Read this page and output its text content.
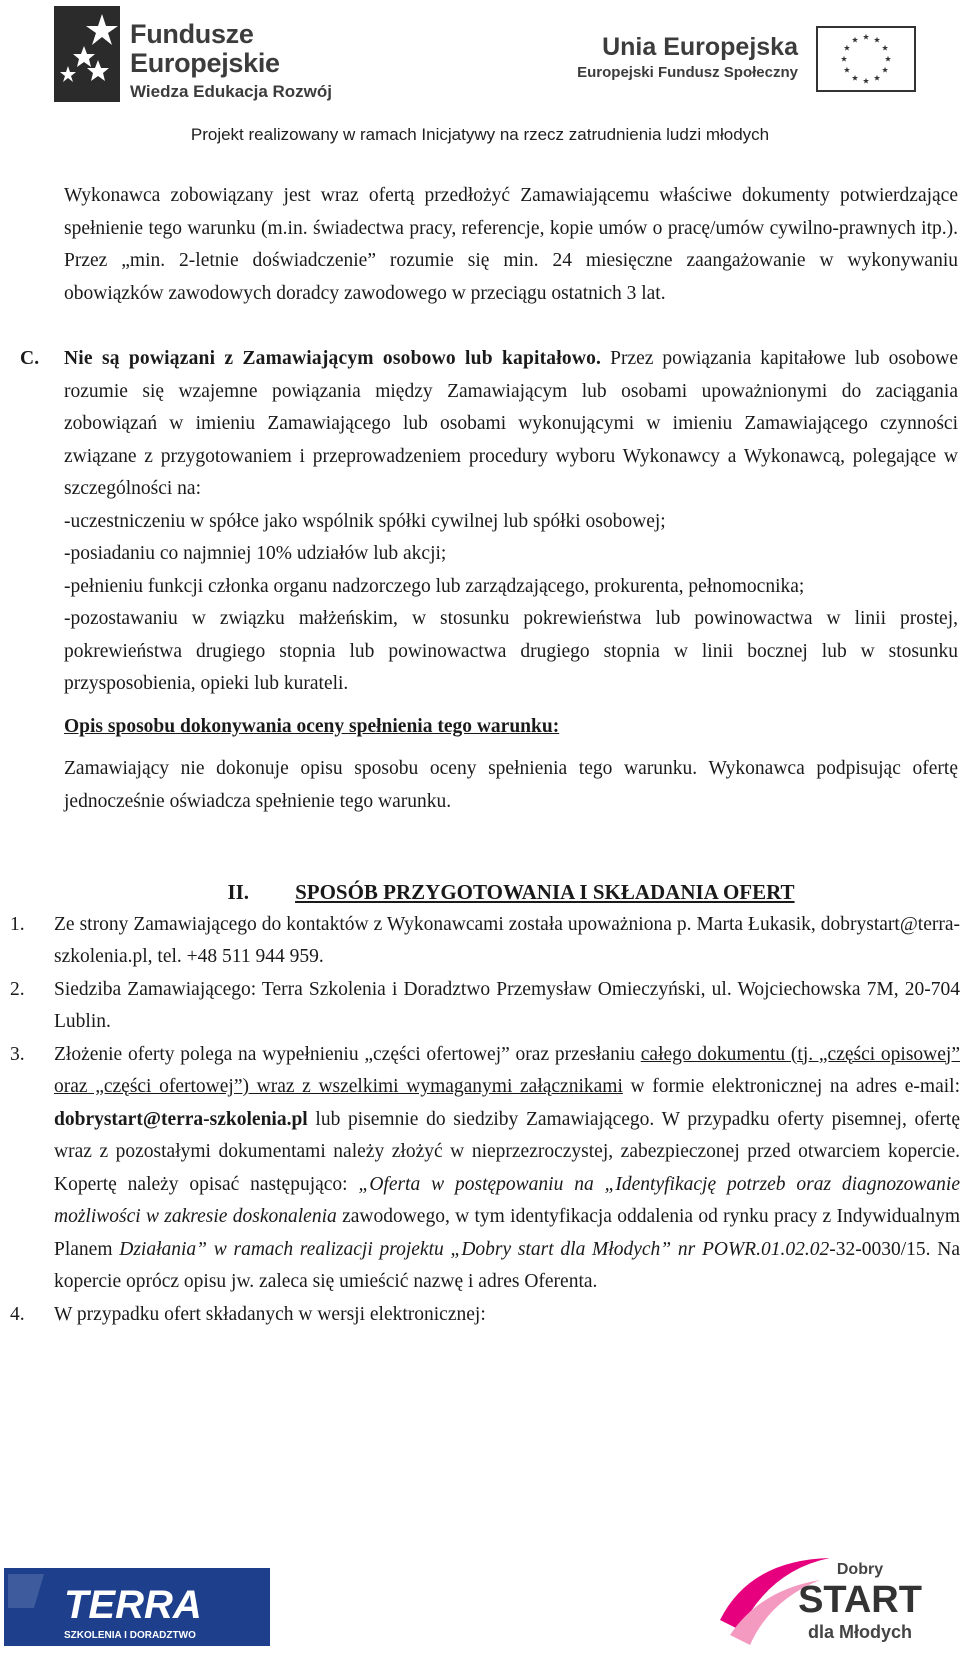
Fundusze
Europejskie
Wiedza Edukacja Rozwój
Unia Europejska
Europejski Fundusz Społeczny
Projekt realizowany w ramach Inicjatywy na rzecz zatrudnienia ludzi młodych

Wykonawca zobowiązany jest wraz ofertą przedłożyć Zamawiającemu właściwe dokumenty potwierdzające spełnienie tego warunku (m.in. świadectwa pracy, referencje, kopie umów o pracę/umów cywilno-prawnych itp.). Przez „min. 2-letnie doświadczenie” rozumie się min. 24 miesięczne zaangażowanie w wykonywaniu obowiązków zawodowych doradcy zawodowego w przeciągu ostatnich 3 lat.

C. Nie są powiązani z Zamawiającym osobowo lub kapitałowo. Przez powiązania kapitałowe lub osobowe rozumie się wzajemne powiązania między Zamawiającym lub osobami upoważnionymi do zaciągania zobowiązań w imieniu Zamawiającego lub osobami wykonującymi w imieniu Zamawiającego czynności związane z przygotowaniem i przeprowadzeniem procedury wyboru Wykonawcy a Wykonawcą, polegające w szczególności na:

-uczestniczeniu w spółce jako wspólnik spółki cywilnej lub spółki osobowej;

-posiadaniu co najmniej 10% udziałów lub akcji;

-pełnieniu funkcji członka organu nadzorczego lub zarządzającego, prokurenta, pełnomocnika;

-pozostawaniu w związku małżeńskim, w stosunku pokrewieństwa lub powinowactwa w linii prostej, pokrewieństwa drugiego stopnia lub powinowactwa drugiego stopnia w linii bocznej lub w stosunku przysposobienia, opieki lub kurateli.

Opis sposobu dokonywania oceny spełnienia tego warunku:

Zamawiający nie dokonuje opisu sposobu oceny spełnienia tego warunku. Wykonawca podpisując ofertę jednocześnie oświadcza spełnienie tego warunku.

II. SPOSÓB PRZYGOTOWANIA I SKŁADANIA OFERT

1. Ze strony Zamawiającego do kontaktów z Wykonawcami została upoważniona p. Marta Łukasik, dobrystart@terra-szkolenia.pl, tel. +48 511 944 959.
2. Siedziba Zamawiającego: Terra Szkolenia i Doradztwo Przemysław Omieczyński, ul. Wojciechowska 7M, 20-704 Lublin.
3. Złożenie oferty polega na wypełnieniu „części ofertowej” oraz przesłaniu całego dokumentu (tj. „części opisowej” oraz „części ofertowej”) wraz z wszelkimi wymaganymi załącznikami w formie elektronicznej na adres e-mail: dobrystart@terra-szkolenia.pl lub pisemnie do siedziby Zamawiającego. W przypadku oferty pisemnej, ofertę wraz z pozostałymi dokumentami należy złożyć w nieprzezroczystej, zabezpieczonej przed otwarciem kopercie. Kopertę należy opisać następująco: „Oferta w postępowaniu na „Identyfikację potrzeb oraz diagnozowanie możliwości w zakresie doskonalenia zawodowego, w tym identyfikacja oddalenia od rynku pracy z Indywidualnym Planem Działania” w ramach realizacji projektu „Dobry start dla Młodych” nr POWR.01.02.02-32-0030/15. Na kopercie oprócz opisu jw. zaleca się umieścić nazwę i adres Oferenta.
4. W przypadku ofert składanych w wersji elektronicznej:
TERRA
SZKOLENIA I DORADZTWO
Dobry
START
dla Młodych
